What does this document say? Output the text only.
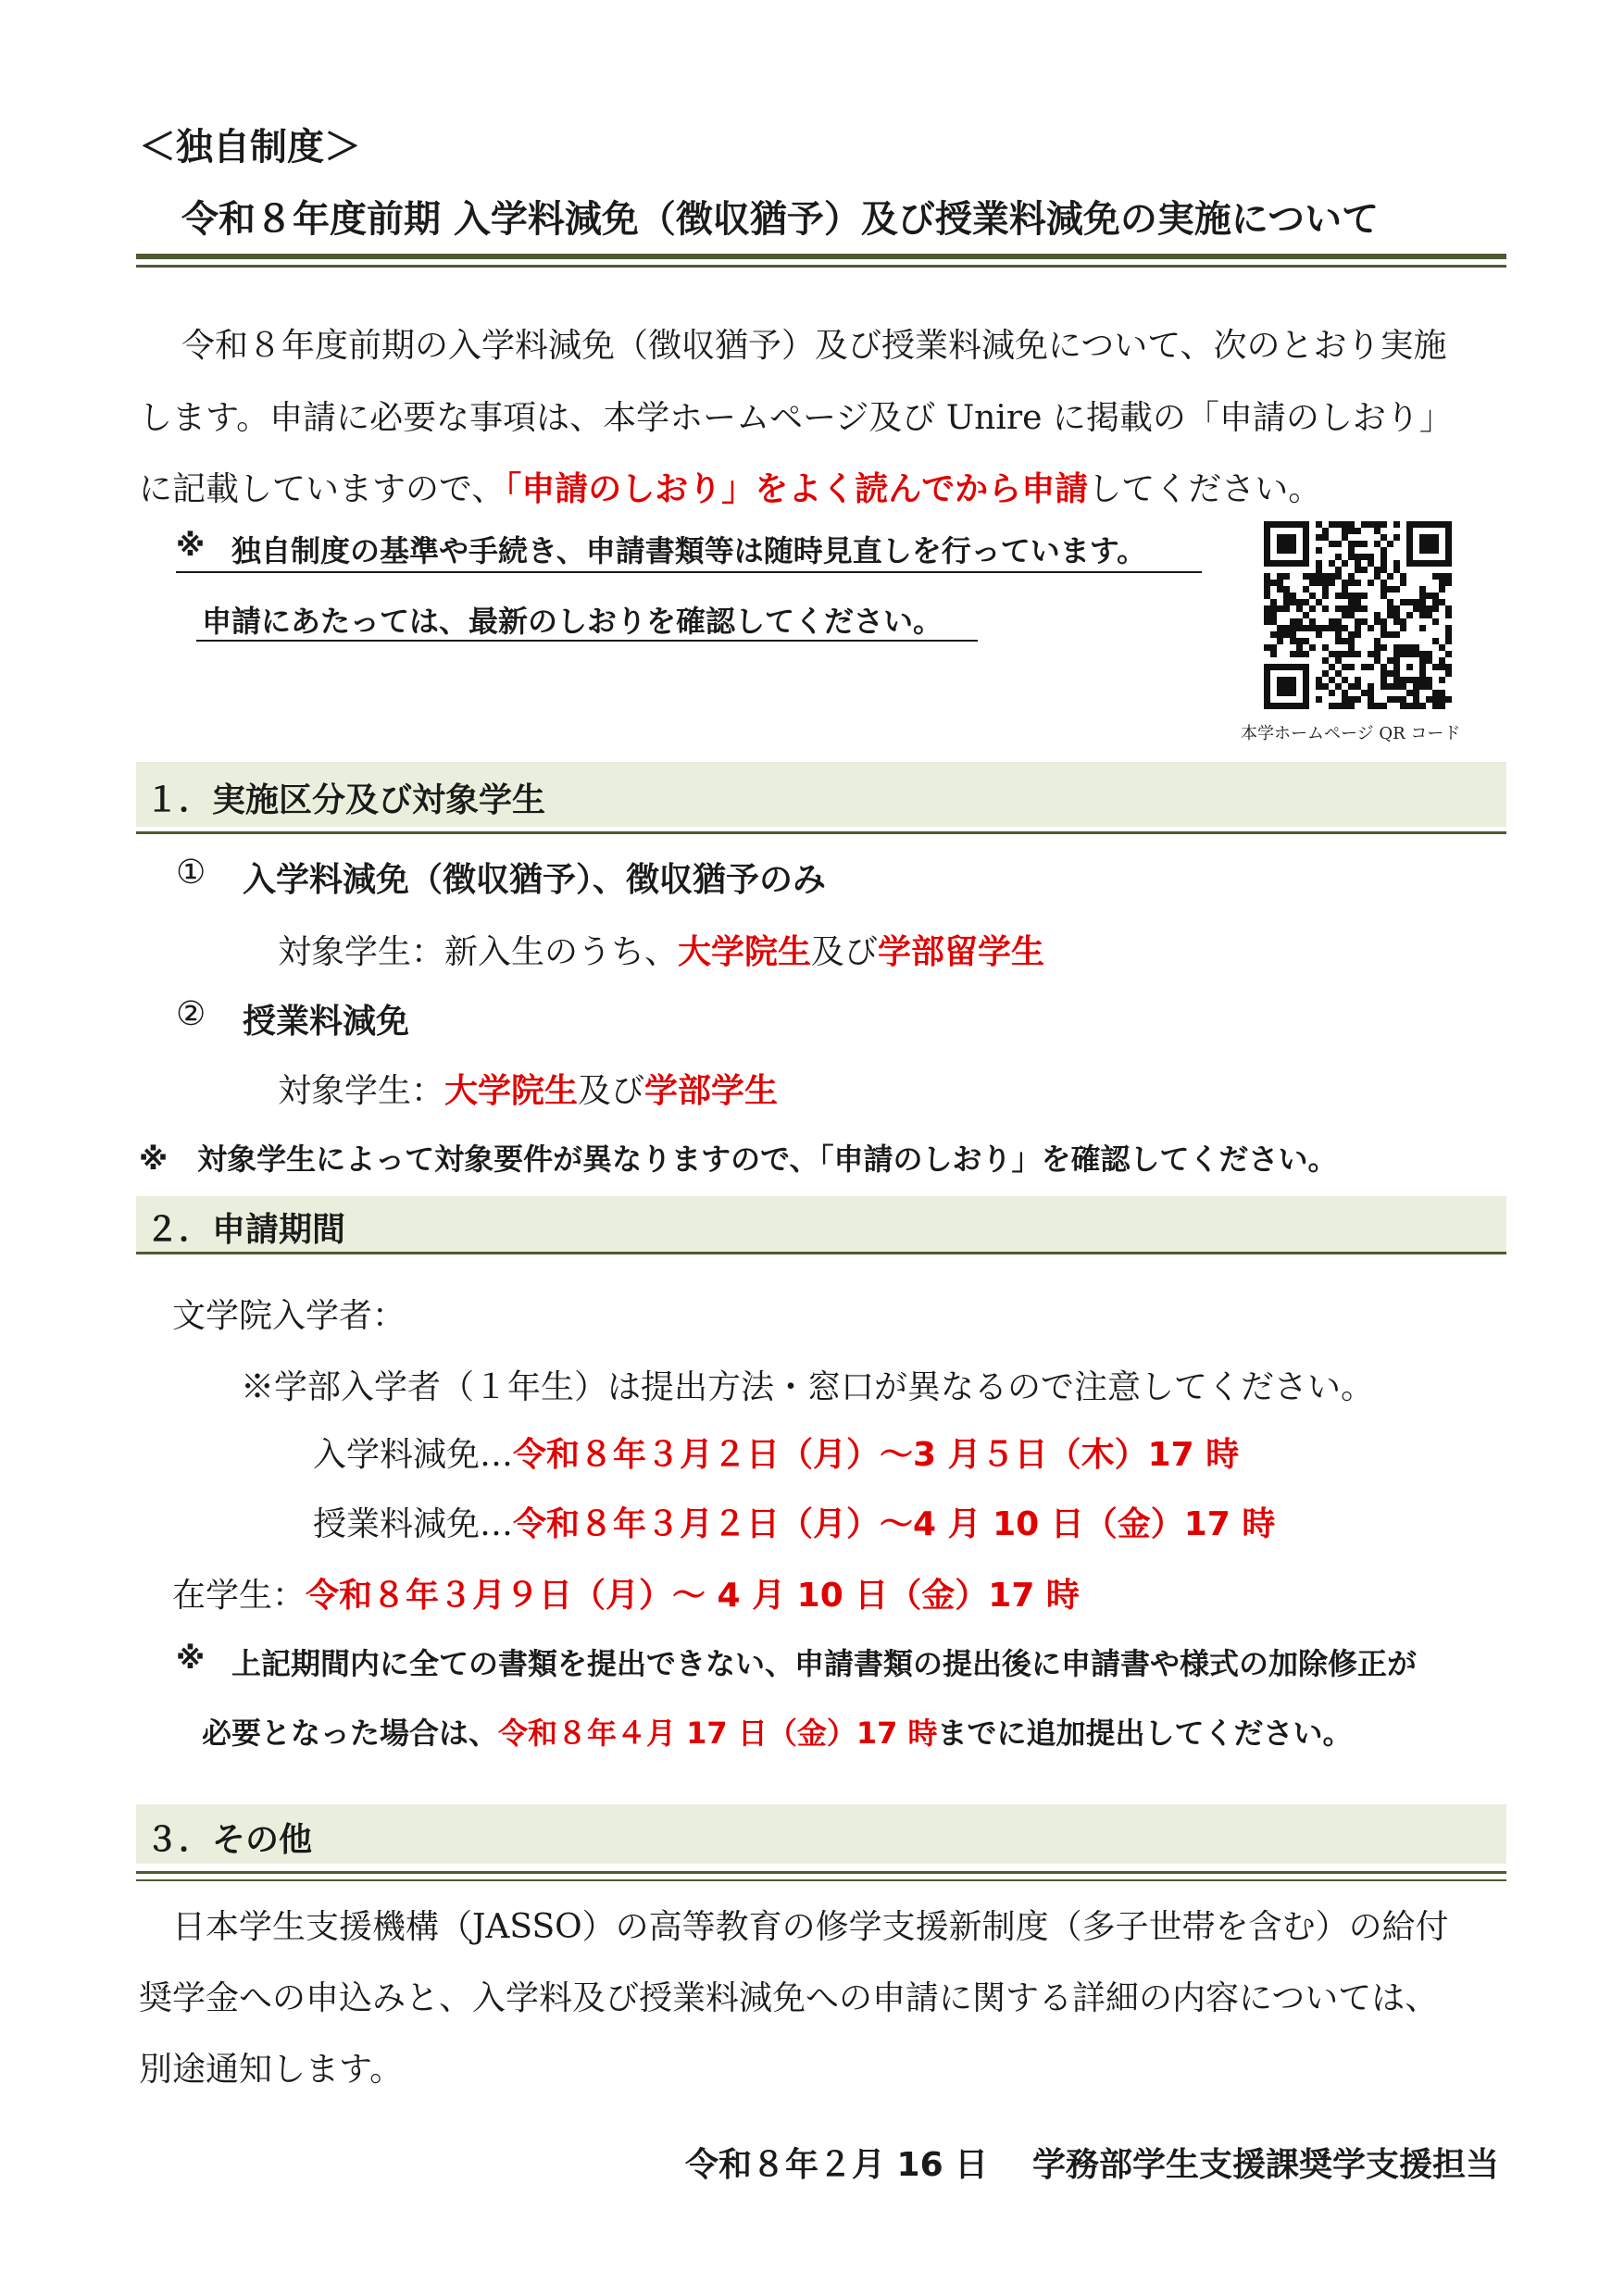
＜独自制度＞
令和８年度前期 入学料減免（徴収猶予）及び授業料減免の実施について
令和８年度前期の入学料減免（徴収猶予）及び授業料減免について、次のとおり実施
します。申請に必要な事項は、本学ホームページ及び Unire に掲載の「申請のしおり」
に記載していますので、「申請のしおり」をよく読んでから申請してください。
※ 独自制度の基準や手続き、申請書類等は随時見直しを行っています。
申請にあたっては、最新のしおりを確認してください。
本学ホームページ QR コード
１．実施区分及び対象学生
① 入学料減免（徴収猶予）、徴収猶予のみ
対象学生：新入生のうち、大学院生及び学部留学生
② 授業料減免
対象学生：大学院生及び学部学生
※　対象学生によって対象要件が異なりますので、「申請のしおり」を確認してください。
２．申請期間
文学院入学者：
※学部入学者（１年生）は提出方法・窓口が異なるので注意してください。
入学料減免…令和８年３月２日（月）～3 月５日（木）17 時
授業料減免…令和８年３月２日（月）～4 月 10 日（金）17 時
在学生：令和８年３月９日（月）～ 4 月 10 日（金）17 時
※ 上記期間内に全ての書類を提出できない、申請書類の提出後に申請書や様式の加除修正が
必要となった場合は、令和８年４月 17 日（金）17 時までに追加提出してください。
３．その他
日本学生支援機構（JASSO）の高等教育の修学支援新制度（多子世帯を含む）の給付
奨学金への申込みと、入学料及び授業料減免への申請に関する詳細の内容については、
別途通知します。
令和８年２月 16 日 学務部学生支援課奨学支援担当
